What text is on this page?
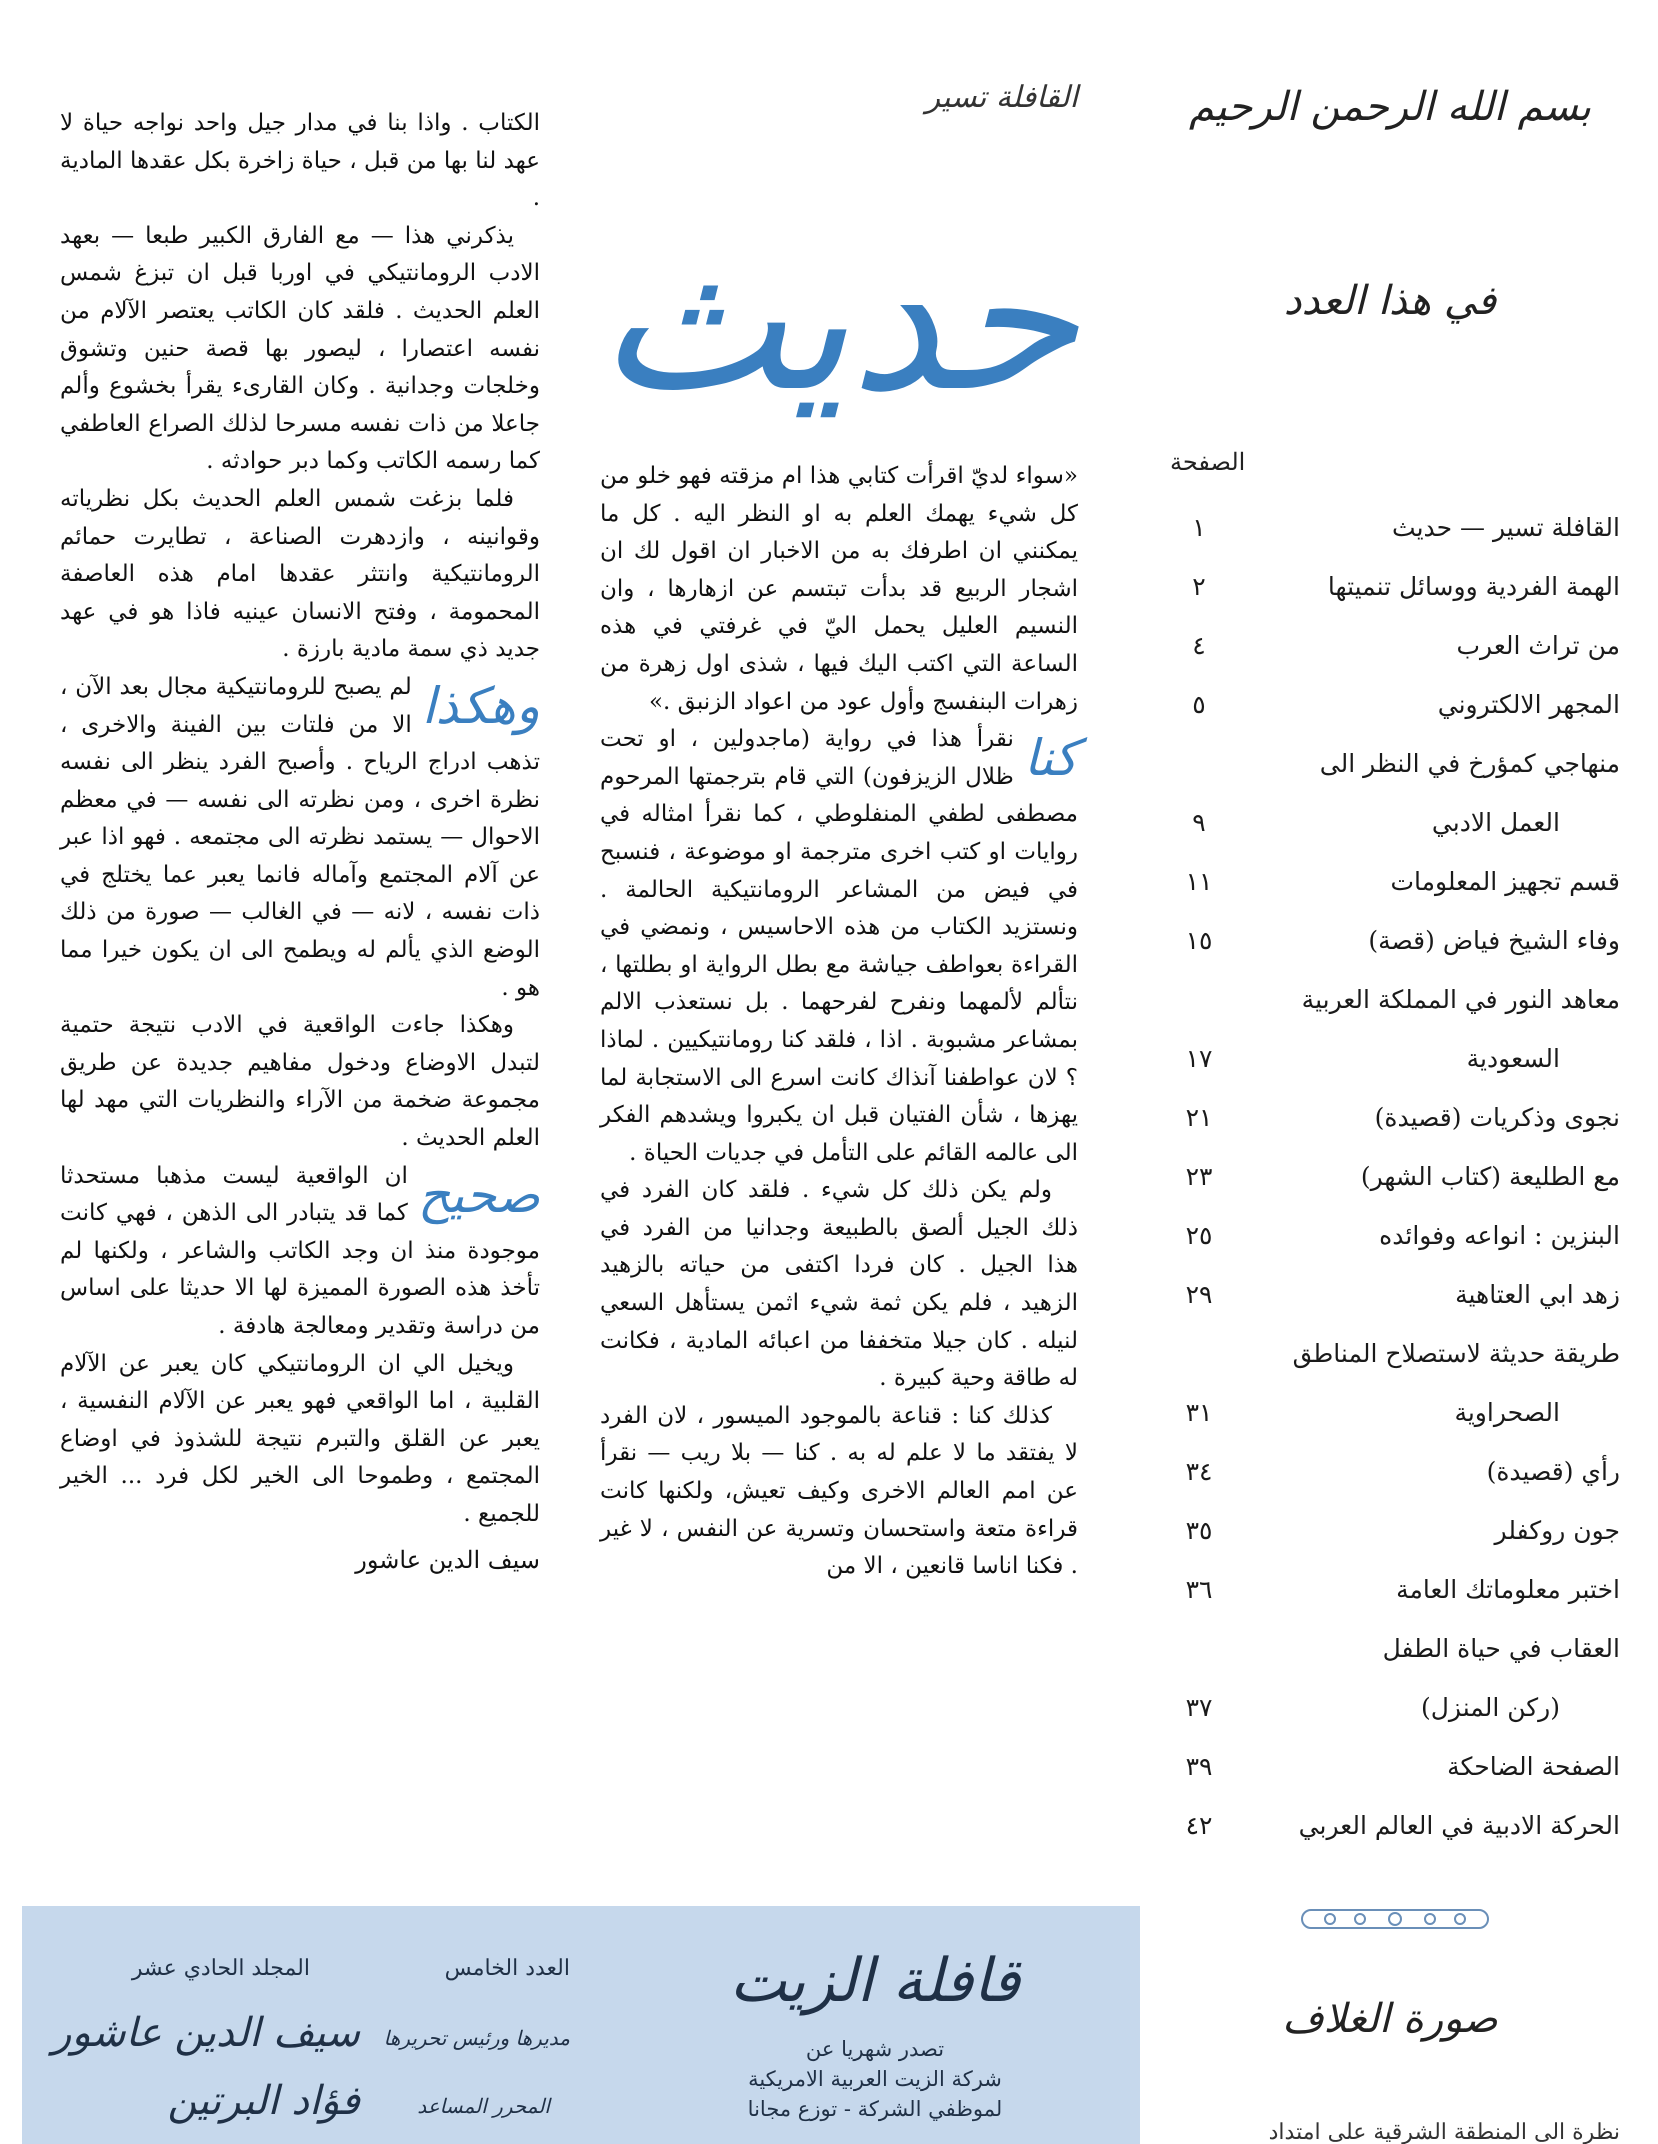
بسم الله الرحمن الرحيم
في هذا العدد
الصفحة
القافلة تسير — حديث
١
الهمة الفردية ووسائل تنميتها
٢
من تراث العرب
٤
المجهر الالكتروني
٥
منهاجي كمؤرخ في النظر الى
العمل الادبي
٩
قسم تجهيز المعلومات
١١
وفاء الشيخ فياض (قصة)
١٥
معاهد النور في المملكة العربية
السعودية
١٧
نجوى وذكريات (قصيدة)
٢١
مع الطليعة (كتاب الشهر)
٢٣
البنزين : انواعه وفوائده
٢٥
زهد ابي العتاهية
٢٩
طريقة حديثة لاستصلاح المناطق
الصحراوية
٣١
رأي (قصيدة)
٣٤
جون روكفلر
٣٥
اختبر معلوماتك العامة
٣٦
العقاب في حياة الطفل
(ركن المنزل)
٣٧
الصفحة الضاحكة
٣٩
الحركة الادبية في العالم العربي
٤٢
صورة الغلاف
نظرة الى المنطقة الشرقية على امتداد
القافلة تسير
حديث

«سواء لديّ اقرأت كتابي هذا ام مزقته فهو خلو من كل شيء يهمك العلم به او النظر اليه . كل ما يمكنني ان اطرفك به من الاخبار ان اقول لك ان اشجار الربيع قد بدأت تبتسم عن ازهارها ، وان النسيم العليل يحمل اليّ في غرفتي في هذه الساعة التي اكتب اليك فيها ، شذى اول زهرة من زهرات البنفسج وأول عود من اعواد الزنبق .»

كنا
نقرأ هذا في رواية (ماجدولين ، او تحت ظلال الزيزفون) التي قام بترجمتها المرحوم مصطفى لطفي المنفلوطي ، كما نقرأ امثاله في روايات او كتب اخرى مترجمة او موضوعة ، فنسبح في فيض من المشاعر الرومانتيكية الحالمة . ونستزيد الكتاب من هذه الاحاسيس ، ونمضي في القراءة بعواطف جياشة مع بطل الرواية او بطلتها ، نتألم لألمهما ونفرح لفرحهما . بل نستعذب الالم بمشاعر مشبوبة . اذا ، فلقد كنا رومانتيكيين . لماذا ؟ لان عواطفنا آنذاك كانت اسرع الى الاستجابة لما يهزها ، شأن الفتيان قبل ان يكبروا ويشدهم الفكر الى عالمه القائم على التأمل في جديات الحياة .

ولم يكن ذلك كل شيء . فلقد كان الفرد في ذلك الجيل ألصق بالطبيعة وجدانيا من الفرد في هذا الجيل . كان فردا اكتفى من حياته بالزهيد الزهيد ، فلم يكن ثمة شيء اثمن يستأهل السعي لنيله . كان جيلا متخففا من اعبائه المادية ، فكانت له طاقة وحية كبيرة .

كذلك كنا : قناعة بالموجود الميسور ، لان الفرد لا يفتقد ما لا علم له به . كنا — بلا ريب — نقرأ عن امم العالم الاخرى وكيف تعيش، ولكنها كانت قراءة متعة واستحسان وتسرية عن النفس ، لا غير . فكنا اناسا قانعين ، الا من

الكتاب . واذا بنا في مدار جيل واحد نواجه حياة لا عهد لنا بها من قبل ، حياة زاخرة بكل عقدها المادية .

يذكرني هذا — مع الفارق الكبير طبعا — بعهد الادب الرومانتيكي في اوربا قبل ان تبزغ شمس العلم الحديث . فلقد كان الكاتب يعتصر الآلام من نفسه اعتصارا ، ليصور بها قصة حنين وتشوق وخلجات وجدانية . وكان القارىء يقرأ بخشوع وألم جاعلا من ذات نفسه مسرحا لذلك الصراع العاطفي كما رسمه الكاتب وكما دبر حوادثه .

فلما بزغت شمس العلم الحديث بكل نظرياته وقوانينه ، وازدهرت الصناعة ، تطايرت حمائم الرومانتيكية وانتثر عقدها امام هذه العاصفة المحمومة ، وفتح الانسان عينيه فاذا هو في عهد جديد ذي سمة مادية بارزة .

وهكذا
لم يصبح للرومانتيكية مجال بعد الآن ، الا من فلتات بين الفينة والاخرى ، تذهب ادراج الرياح . وأصبح الفرد ينظر الى نفسه نظرة اخرى ، ومن نظرته الى نفسه — في معظم الاحوال — يستمد نظرته الى مجتمعه . فهو اذا عبر عن آلام المجتمع وآماله فانما يعبر عما يختلج في ذات نفسه ، لانه — في الغالب — صورة من ذلك الوضع الذي يألم له ويطمح الى ان يكون خيرا مما هو .

وهكذا جاءت الواقعية في الادب نتيجة حتمية لتبدل الاوضاع ودخول مفاهيم جديدة عن طريق مجموعة ضخمة من الآراء والنظريات التي مهد لها العلم الحديث .

صحيح
ان الواقعية ليست مذهبا مستحدثا كما قد يتبادر الى الذهن ، فهي كانت موجودة منذ ان وجد الكاتب والشاعر ، ولكنها لم تأخذ هذه الصورة المميزة لها الا حديثا على اساس من دراسة وتقدير ومعالجة هادفة .

ويخيل الي ان الرومانتيكي كان يعبر عن الآلام القلبية ، اما الواقعي فهو يعبر عن الآلام النفسية ، يعبر عن القلق والتبرم نتيجة للشذوذ في اوضاع المجتمع ، وطموحا الى الخير لكل فرد ... الخير للجميع .

سيف الدين عاشور
قافلة الزيت
تصدر شهريا عن
شركة الزيت العربية الامريكية
لموظفي الشركة - توزع مجانا
العدد الخامس
المجلد الحادي عشر
مديرها ورئيس تحريرها
سيف الدين عاشور
المحرر المساعد
فؤاد البرتين
